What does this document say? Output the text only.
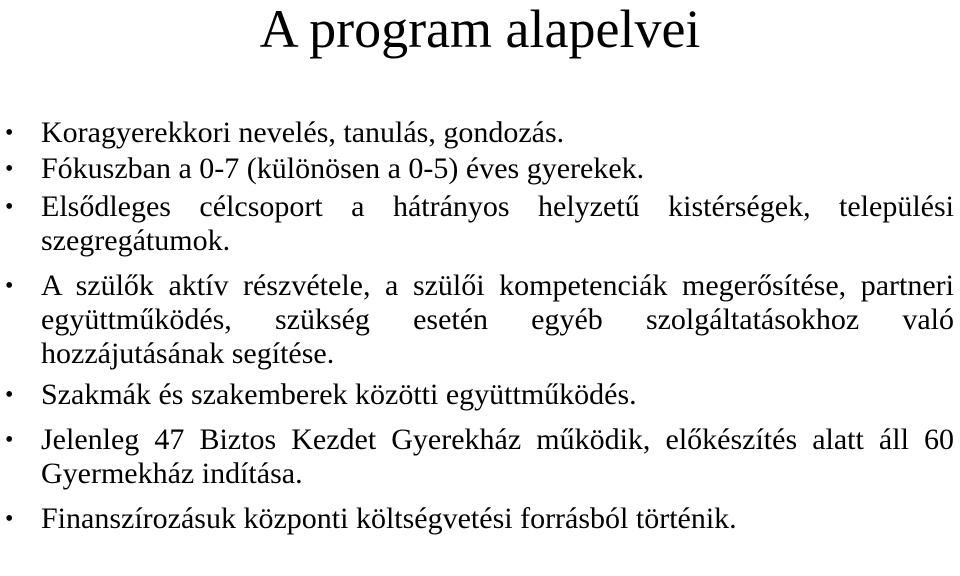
A program alapelvei
• Koragyerekkori nevelés, tanulás, gondozás.
• Fókuszban a 0-7 (különösen a 0-5) éves gyerekek.
• Elsődleges célcsoport a hátrányos helyzetű kistérségek, települési szegregátumok.
• A szülők aktív részvétele, a szülői kompetenciák megerősítése, partneri együttműködés, szükség esetén egyéb szolgáltatásokhoz való hozzájutásának segítése.
• Szakmák és szakemberek közötti együttműködés.
• Jelenleg 47 Biztos Kezdet Gyerekház működik, előkészítés alatt áll 60 Gyermekház indítása.
• Finanszírozásuk központi költségvetési forrásból történik.
